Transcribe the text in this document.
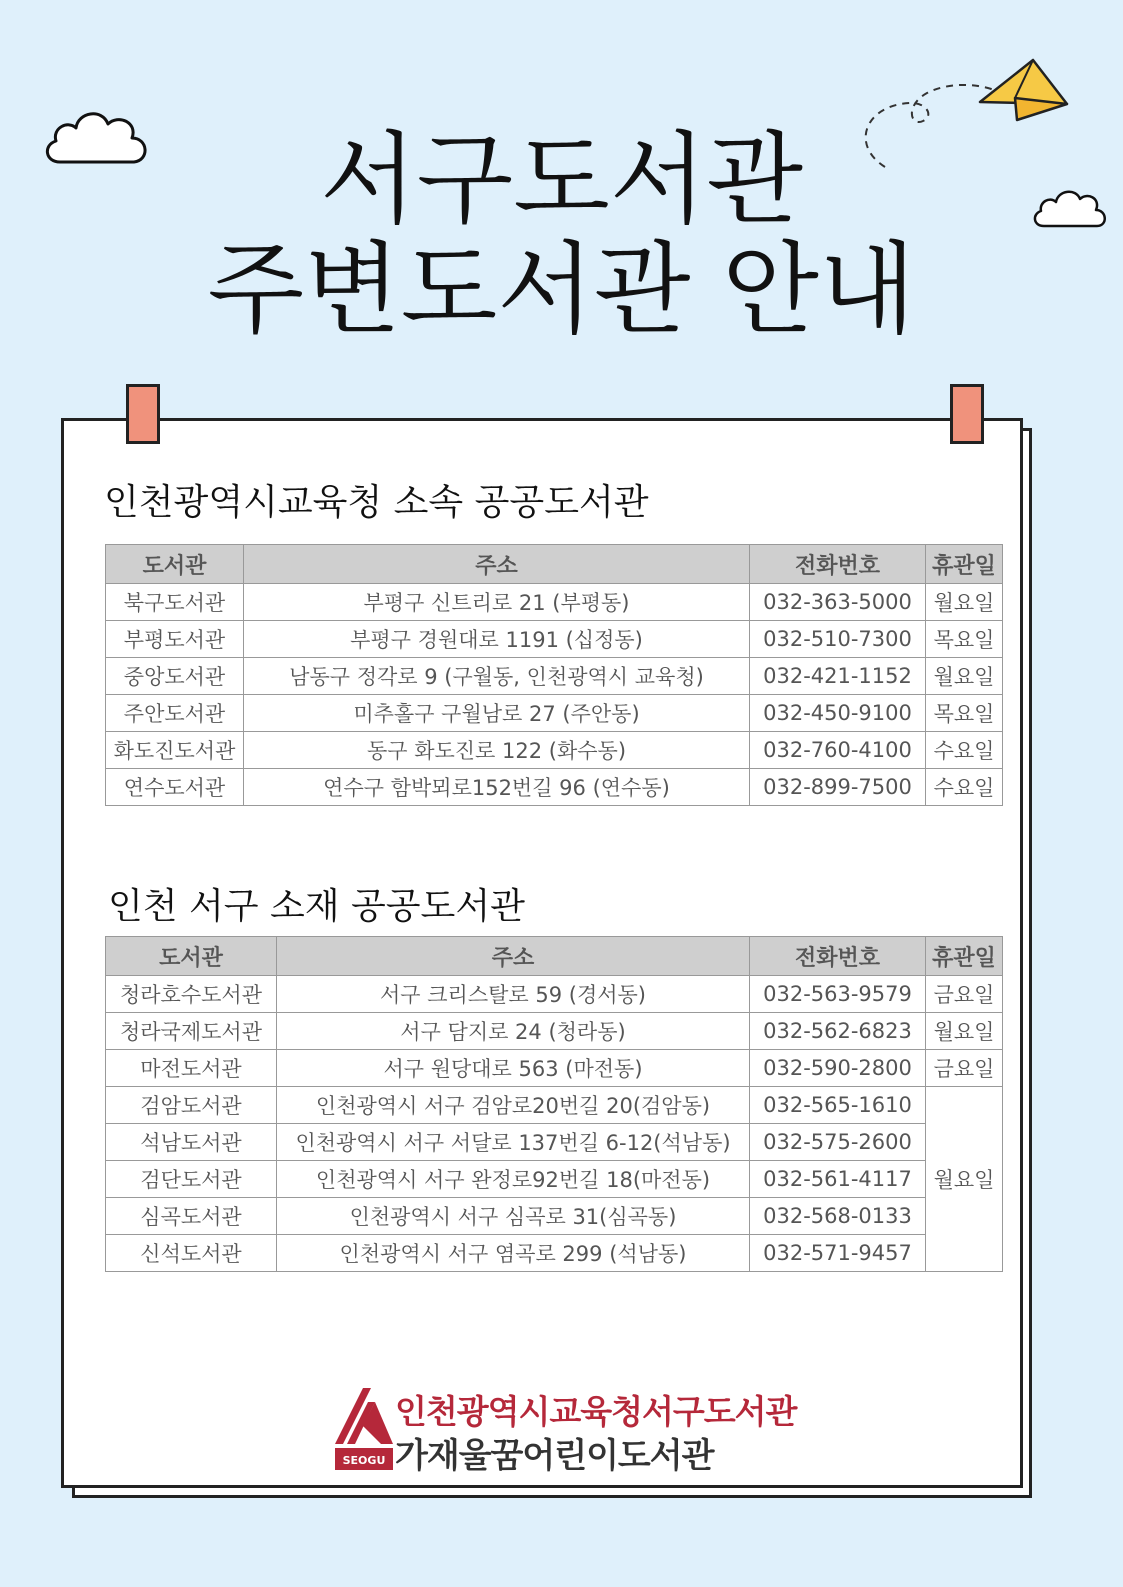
서구도서관
주변도서관 안내
인천광역시교육청 소속 공공도서관
도서관	주소	전화번호	휴관일
북구도서관	부평구 신트리로 21 (부평동)	032-363-5000	월요일
부평도서관	부평구 경원대로 1191 (십정동)	032-510-7300	목요일
중앙도서관	남동구 정각로 9 (구월동, 인천광역시 교육청)	032-421-1152	월요일
주안도서관	미추홀구 구월남로 27 (주안동)	032-450-9100	목요일
화도진도서관	동구 화도진로 122 (화수동)	032-760-4100	수요일
연수도서관	연수구 함박뫼로152번길 96 (연수동)	032-899-7500	수요일
인천 서구 소재 공공도서관
도서관	주소	전화번호	휴관일
청라호수도서관	서구 크리스탈로 59 (경서동)	032-563-9579	금요일
청라국제도서관	서구 담지로 24 (청라동)	032-562-6823	월요일
마전도서관	서구 원당대로 563 (마전동)	032-590-2800	금요일
검암도서관	인천광역시 서구 검암로20번길 20(검암동)	032-565-1610	월요일
석남도서관	인천광역시 서구 서달로 137번길 6-12(석남동)	032-575-2600	
검단도서관	인천광역시 서구 완정로92번길 18(마전동)	032-561-4117	
심곡도서관	인천광역시 서구 심곡로 31(심곡동)	032-568-0133	
신석도서관	인천광역시 서구 염곡로 299 (석남동)	032-571-9457	
SEOGU
인천광역시교육청서구도서관
가재울꿈어린이도서관
